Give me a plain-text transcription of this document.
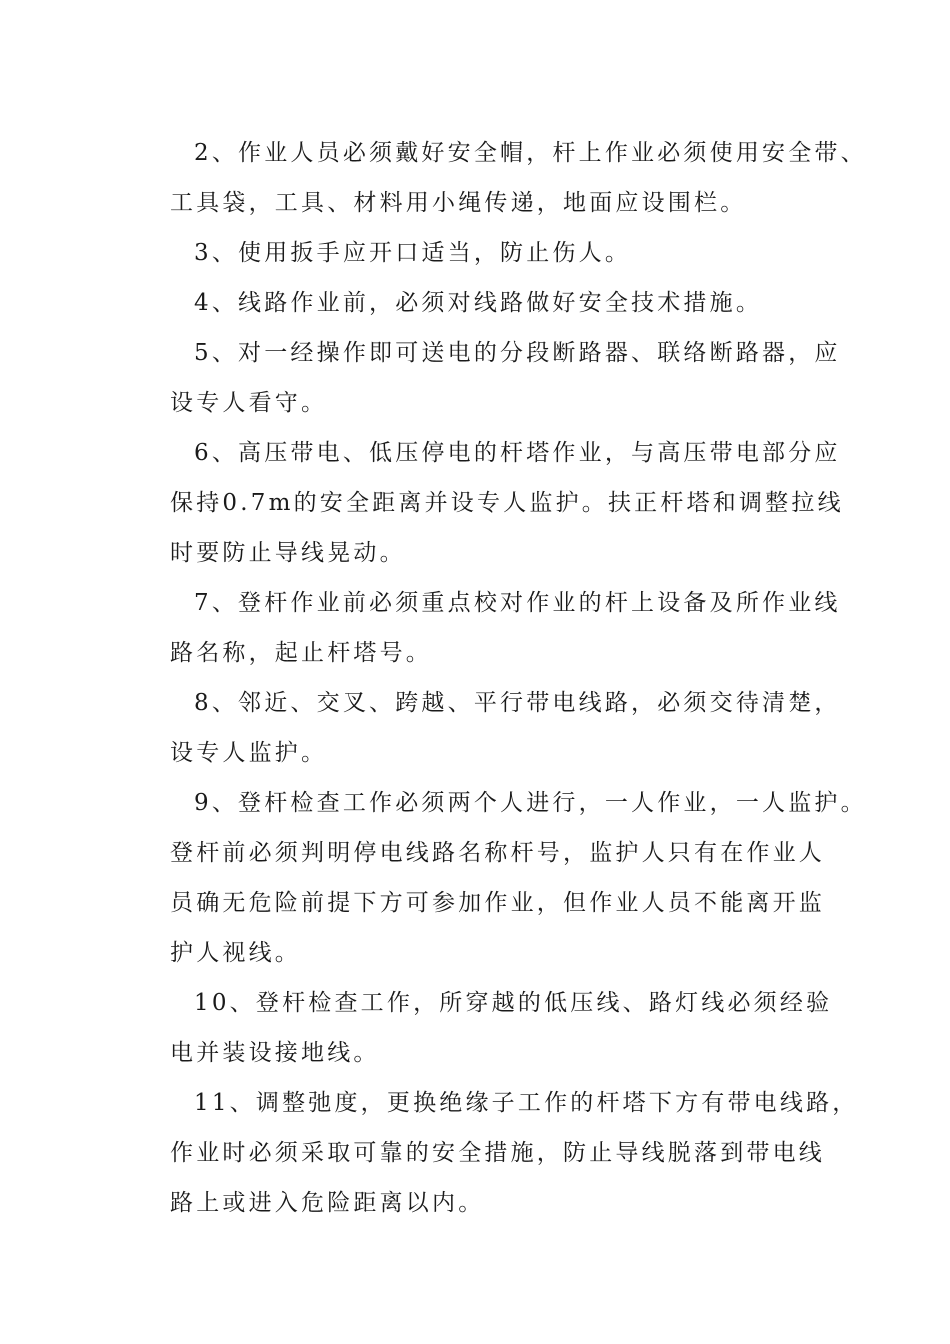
2、作业人员必须戴好安全帽，杆上作业必须使用安全带、
工具袋，工具、材料用小绳传递，地面应设围栏。

3、使用扳手应开口适当，防止伤人。

4、线路作业前，必须对线路做好安全技术措施。

5、对一经操作即可送电的分段断路器、联络断路器，应
设专人看守。

6、高压带电、低压停电的杆塔作业，与高压带电部分应
保持0.7m的安全距离并设专人监护。扶正杆塔和调整拉线
时要防止导线晃动。

7、登杆作业前必须重点校对作业的杆上设备及所作业线
路名称，起止杆塔号。

8、邻近、交叉、跨越、平行带电线路，必须交待清楚，
设专人监护。

9、登杆检查工作必须两个人进行，一人作业，一人监护。
登杆前必须判明停电线路名称杆号，监护人只有在作业人
员确无危险前提下方可参加作业，但作业人员不能离开监
护人视线。

10、登杆检查工作，所穿越的低压线、路灯线必须经验
电并装设接地线。

11、调整弛度，更换绝缘子工作的杆塔下方有带电线路，
作业时必须采取可靠的安全措施，防止导线脱落到带电线
路上或进入危险距离以内。
